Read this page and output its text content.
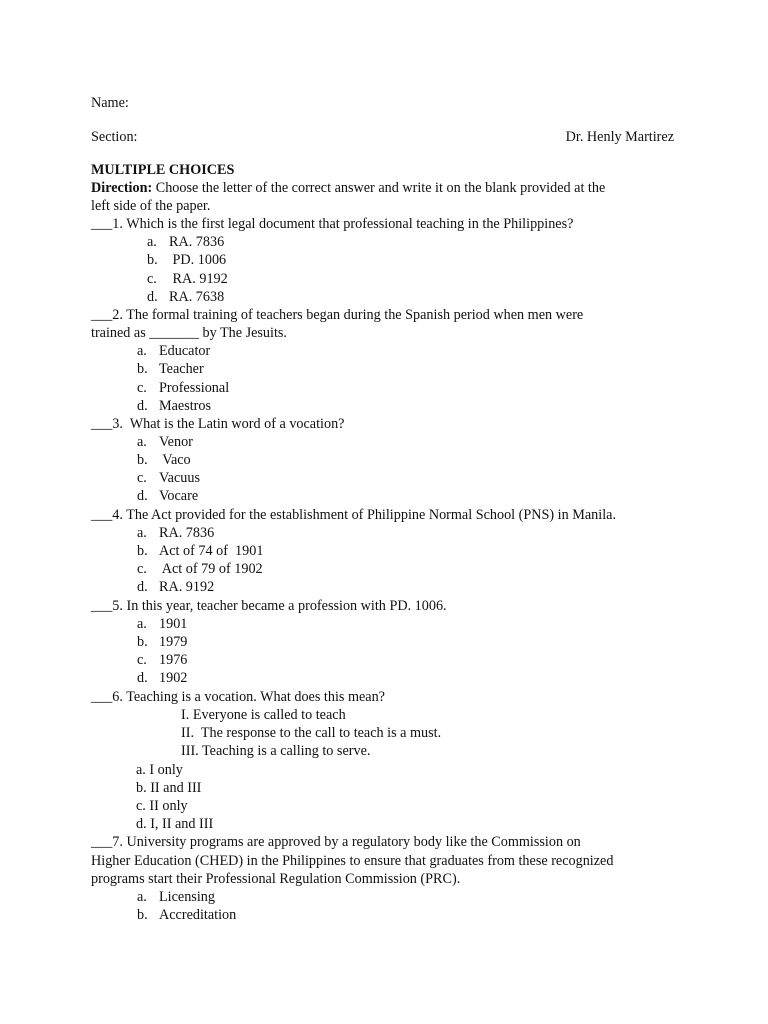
Name:
Section:	Dr. Henly Martirez
MULTIPLE CHOICES
Direction: Choose the letter of the correct answer and write it on the blank provided at the
left side of the paper.
___1. Which is the first legal document that professional teaching in the Philippines?
a. RA. 7836
b. PD. 1006
c. RA. 9192
d. RA. 7638
___2. The formal training of teachers began during the Spanish period when men were
trained as _______ by The Jesuits.
a. Educator
b. Teacher
c. Professional
d. Maestros
___3.  What is the Latin word of a vocation?
a. Venor
b. Vaco
c. Vacuus
d. Vocare
___4. The Act provided for the establishment of Philippine Normal School (PNS) in Manila.
a. RA. 7836
b. Act of 74 of  1901
c. Act of 79 of 1902
d. RA. 9192
___5. In this year, teacher became a profession with PD. 1006.
a. 1901
b. 1979
c. 1976
d. 1902
___6. Teaching is a vocation. What does this mean?
I. Everyone is called to teach
II.  The response to the call to teach is a must.
III. Teaching is a calling to serve.
a. I only
b. II and III
c. II only
d. I, II and III
___7. University programs are approved by a regulatory body like the Commission on
Higher Education (CHED) in the Philippines to ensure that graduates from these recognized
programs start their Professional Regulation Commission (PRC).
a. Licensing
b. Accreditation
